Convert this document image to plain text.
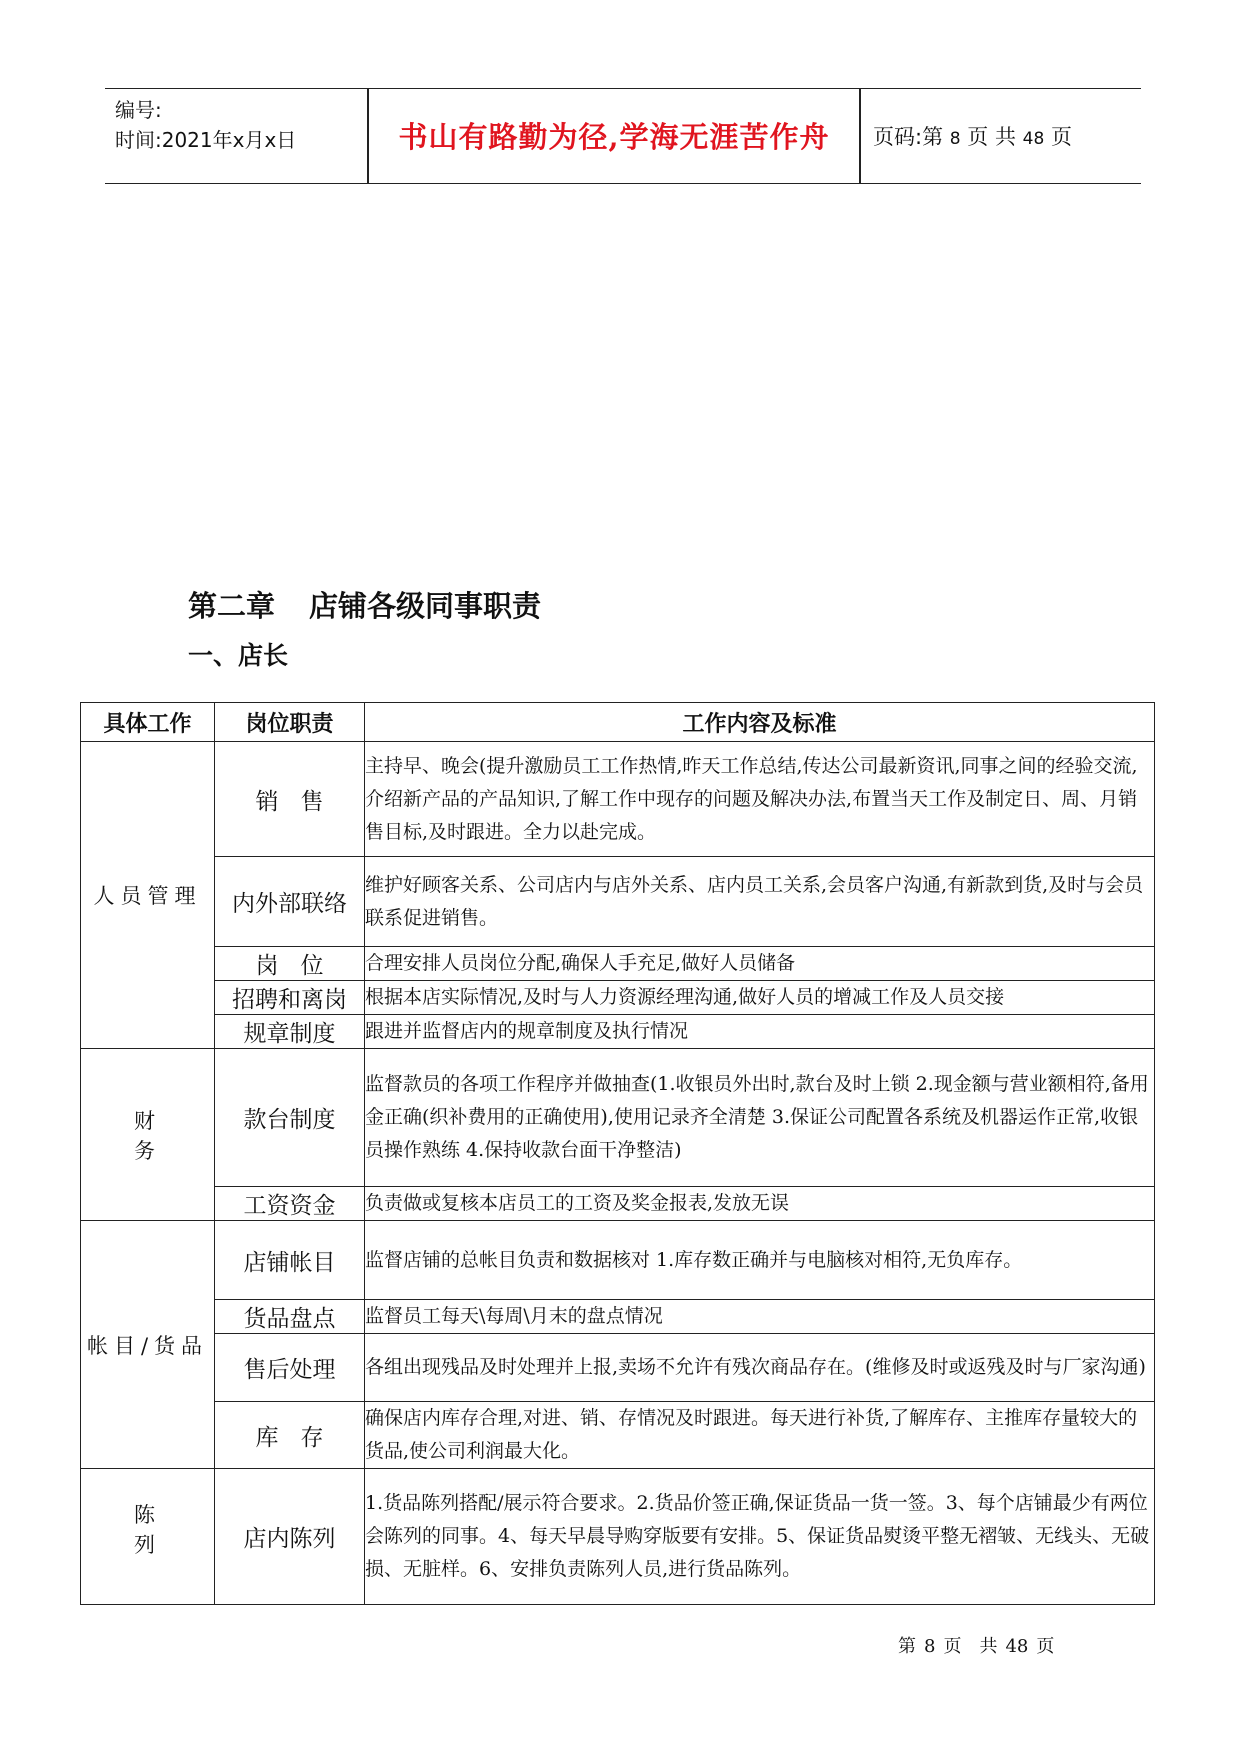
编号:
时间:2021年x月x日	书山有路勤为径,学海无涯苦作舟	页码:第 8 页 共 48 页
第二章 店铺各级同事职责
一、店长
具体工作	岗位职责	工作内容及标准

人员管理	销售	主持早、晚会(提升激励员工工作热情,昨天工作总结,传达公司最新资讯,同事之间的经验交流,介绍新产品的产品知识,了解工作中现存的问题及解决办法,布置当天工作及制定日、周、月销售目标,及时跟进。全力以赴完成。
	内外部联络	维护好顾客关系、公司店内与店外关系、店内员工关系,会员客户沟通,有新款到货,及时与会员联系促进销售。
	岗位	合理安排人员岗位分配,确保人手充足,做好人员储备
	招聘和离岗	根据本店实际情况,及时与人力资源经理沟通,做好人员的增减工作及人员交接
	规章制度	跟进并监督店内的规章制度及执行情况

财　　　务	款台制度	监督款员的各项工作程序并做抽查(1.收银员外出时,款台及时上锁 2.现金额与营业额相符,备用金正确(织补费用的正确使用),使用记录齐全清楚 3.保证公司配置各系统及机器运作正常,收银员操作熟练 4.保持收款台面干净整洁)
	工资资金	负责做或复核本店员工的工资及奖金报表,发放无误

帐目/货品	店铺帐目	监督店铺的总帐目负责和数据核对 1.库存数正确并与电脑核对相符,无负库存。
	货品盘点	监督员工每天\每周\月末的盘点情况
	售后处理	各组出现残品及时处理并上报,卖场不允许有残次商品存在。(维修及时或返残及时与厂家沟通)
	库存	确保店内库存合理,对进、销、存情况及时跟进。每天进行补货,了解库存、主推库存量较大的货品,使公司利润最大化。

陈　　　列	店内陈列	1.货品陈列搭配/展示符合要求。2.货品价签正确,保证货品一货一签。3、每个店铺最少有两位会陈列的同事。4、每天早晨导购穿版要有安排。5、保证货品熨烫平整无褶皱、无线头、无破损、无脏样。6、安排负责陈列人员,进行货品陈列。
第 8 页　共 48 页
